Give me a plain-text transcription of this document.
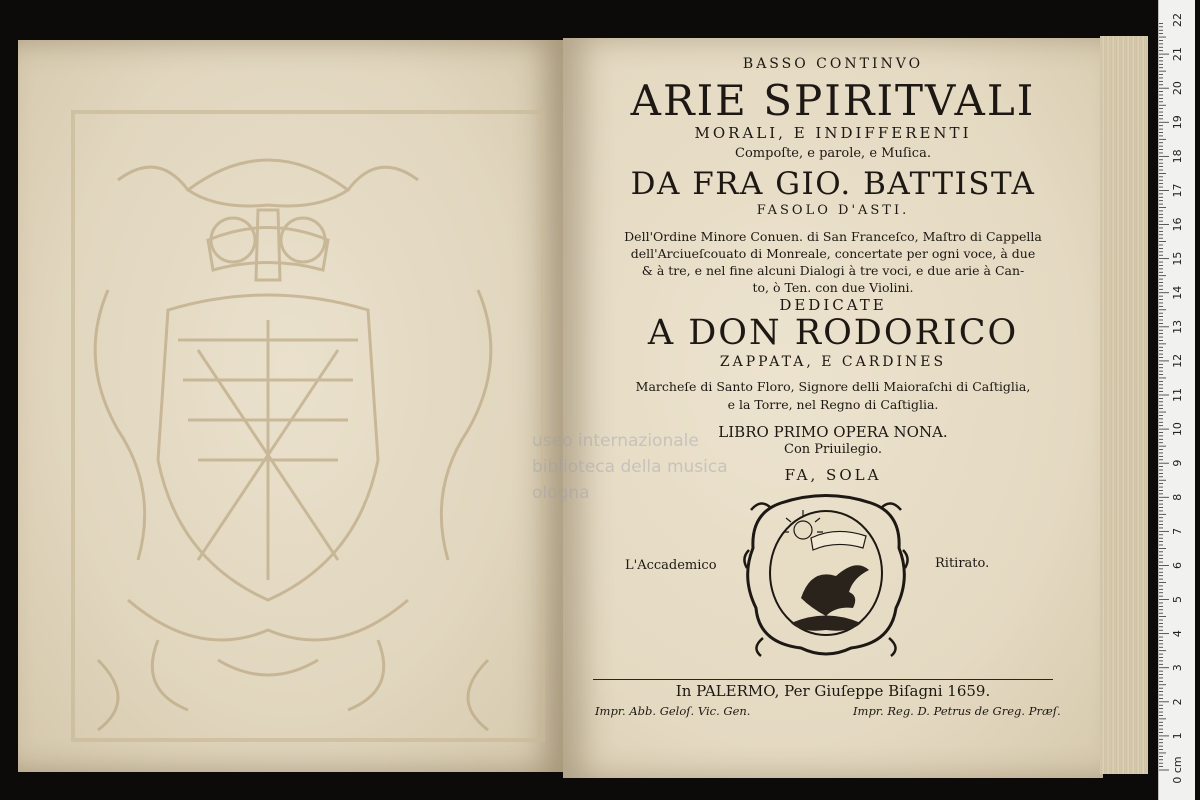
BASSO CONTINVO
ARIE SPIRITVALI
MORALI, E INDIFFERENTI
Compoſte, e parole, e Muſica.
DA FRA GIO. BATTISTA
FASOLO D'ASTI.
Dell'Ordine Minore Conuen. di San Franceſco, Maſtro di Cappella
dell'Arciueſcouato di Monreale, concertate per ogni voce, à due
& à tre, e nel fine alcuni Dialogi à tre voci, e due arie à Can-
to, ò Ten. con due Violini.
DEDICATE
A DON RODORICO
ZAPPATA, E CARDINES
Marcheſe di Santo Floro, Signore delli Maioraſchi di Caſtiglia,
e la Torre, nel Regno di Caſtiglia.
LIBRO PRIMO OPERA NONA.
Con Priuilegio.
FA, SOLA
L'Accademico	Ritirato.
In PALERMO, Per Giuſeppe Biſagni 1659.
Impr. Abb. Geloſ. Vic. Gen.	Impr. Reg. D. Petrus de Greg. Præſ.
useo internazionale
biblioteca della musica
ologna
0 cm
1
2
3
4
5
6
7
8
9
10
11
12
13
14
15
16
17
18
19
20
21
22
